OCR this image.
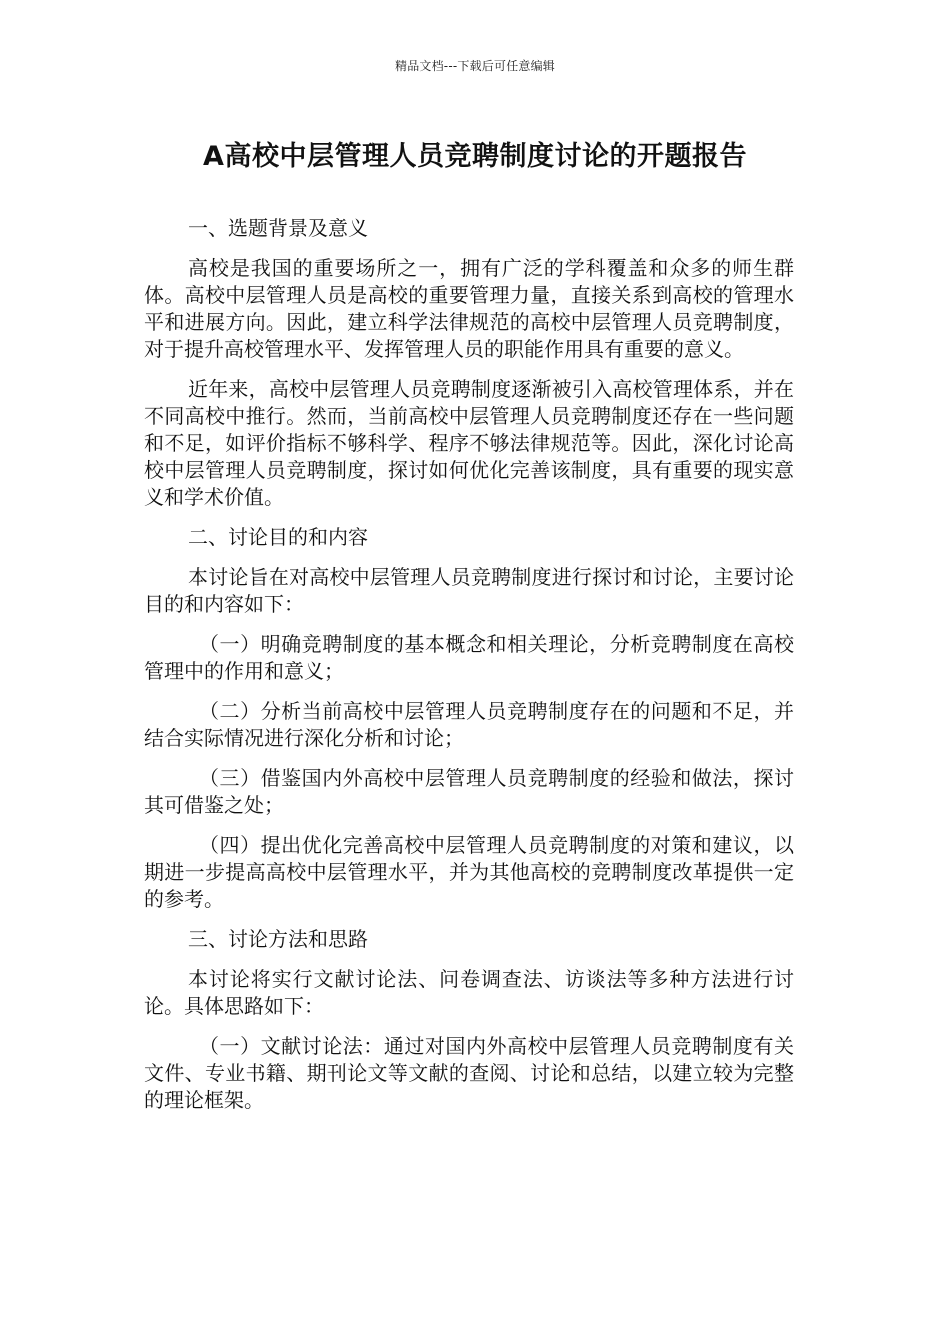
精品文档---下载后可任意编辑
A高校中层管理人员竞聘制度讨论的开题报告

一、选题背景及意义

高校是我国的重要场所之一，拥有广泛的学科覆盖和众多的师生群体。高校中层管理人员是高校的重要管理力量，直接关系到高校的管理水平和进展方向。因此，建立科学法律规范的高校中层管理人员竞聘制度，对于提升高校管理水平、发挥管理人员的职能作用具有重要的意义。

近年来，高校中层管理人员竞聘制度逐渐被引入高校管理体系，并在不同高校中推行。然而，当前高校中层管理人员竞聘制度还存在一些问题和不足，如评价指标不够科学、程序不够法律规范等。因此，深化讨论高校中层管理人员竞聘制度，探讨如何优化完善该制度，具有重要的现实意义和学术价值。

二、讨论目的和内容

本讨论旨在对高校中层管理人员竞聘制度进行探讨和讨论，主要讨论目的和内容如下：

（一）明确竞聘制度的基本概念和相关理论，分析竞聘制度在高校管理中的作用和意义；

（二）分析当前高校中层管理人员竞聘制度存在的问题和不足，并结合实际情况进行深化分析和讨论；

（三）借鉴国内外高校中层管理人员竞聘制度的经验和做法，探讨其可借鉴之处；

（四）提出优化完善高校中层管理人员竞聘制度的对策和建议，以期进一步提高高校中层管理水平，并为其他高校的竞聘制度改革提供一定的参考。

三、讨论方法和思路

本讨论将实行文献讨论法、问卷调查法、访谈法等多种方法进行讨论。具体思路如下：

（一）文献讨论法：通过对国内外高校中层管理人员竞聘制度有关文件、专业书籍、期刊论文等文献的查阅、讨论和总结，以建立较为完整的理论框架。
